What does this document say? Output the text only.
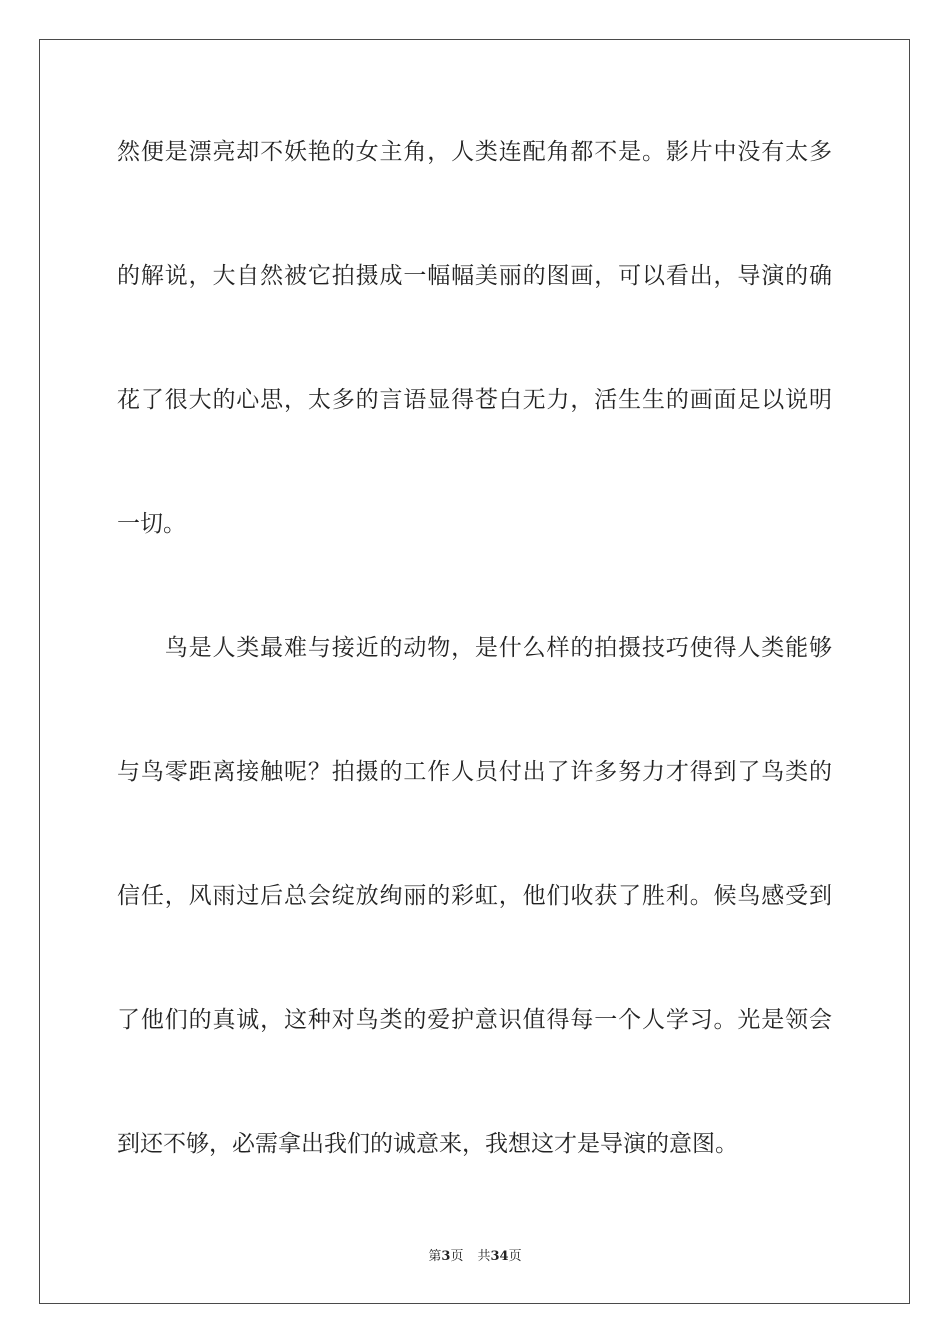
然便是漂亮却不妖艳的女主角，人类连配角都不是。影片中没有太多
的解说，大自然被它拍摄成一幅幅美丽的图画，可以看出，导演的确
花了很大的心思，太多的言语显得苍白无力，活生生的画面足以说明
一切。
　　鸟是人类最难与接近的动物，是什么样的拍摄技巧使得人类能够
与鸟零距离接触呢？拍摄的工作人员付出了许多努力才得到了鸟类的
信任，风雨过后总会绽放绚丽的彩虹，他们收获了胜利。候鸟感受到
了他们的真诚，这种对鸟类的爱护意识值得每一个人学习。光是领会
到还不够，必需拿出我们的诚意来，我想这才是导演的意图。
第3页 共34页
